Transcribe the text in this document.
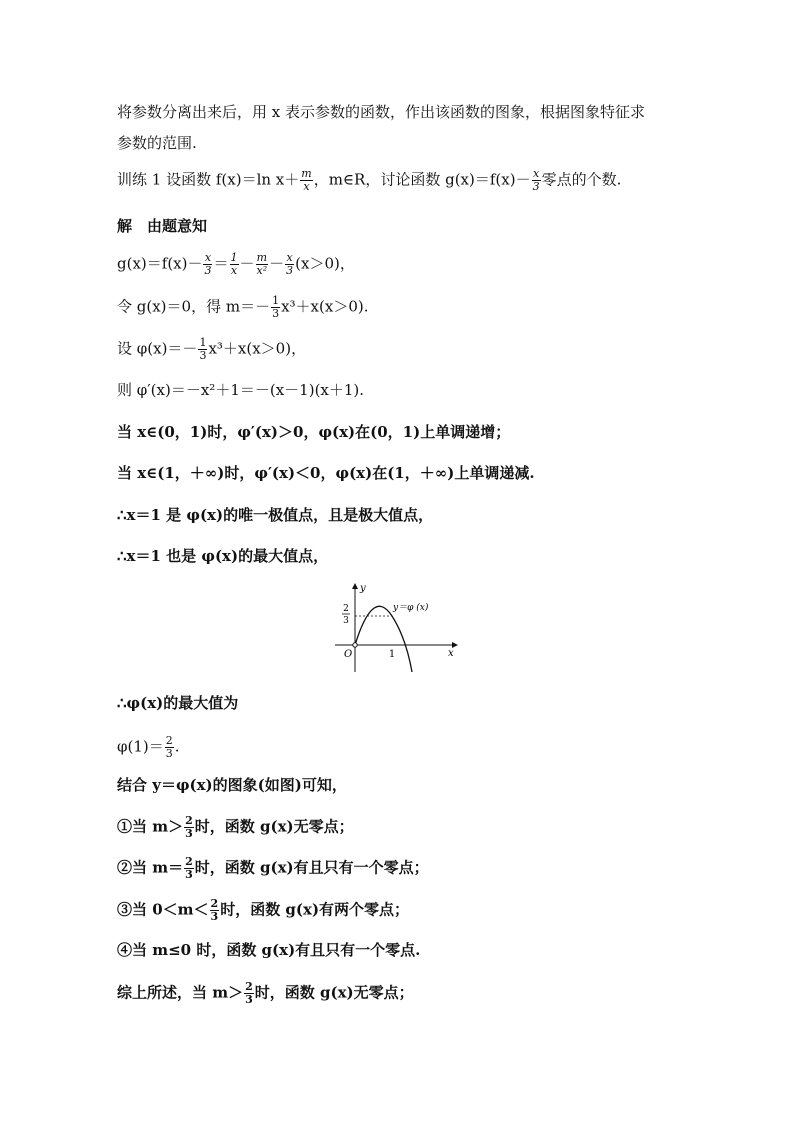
将参数分离出来后，用 x 表示参数的函数，作出该函数的图象，根据图象特征求
参数的范围.
训练 1 设函数 f(x)＝ln $x+ \frac{m}{x}$ ，m∈R，讨论函数 $g(x)=f(x)- \frac{x}{3}$ 零点的个数.
解　由题意知
$g(x)=f(x)- \frac{x}{3} = \frac{1}{x} - \frac{m}{\text{x²}} - \frac{x}{3} (x>0)$，
令 g(x)＝0，得 $m=- \frac{1}{3} x^3+x(x>0)$.
设 $\varphi(x)=- \frac{1}{3} x^3+x(x>0)$，
则 φ′(x)＝－x²＋1＝－(x－1)(x＋1).
当 x∈(0，1)时，φ′(x)＞0，φ(x)在(0，1)上单调递增；
当 x∈(1，＋∞)时，φ′(x)＜0，φ(x)在(1，＋∞)上单调递减.
∴x＝1 是 φ(x)的唯一极值点，且是极大值点，
∴x＝1 也是 φ(x)的最大值点，
y
x
O	1
2
3
y＝φ (x)
∴φ(x)的最大值为
$\varphi(1)= \frac{2}{3}$ .
结合 y＝φ(x)的图象(如图)可知，
①当 $m> \frac{2}{3}$ 时，函数 g(x)无零点；
②当 $m= \frac{2}{3}$ 时，函数 g(x)有且只有一个零点；
③当 $0<m< \frac{2}{3}$ 时，函数 g(x)有两个零点；
④当 m≤0 时，函数 g(x)有且只有一个零点.
综上所述，当 $m> \frac{2}{3}$ 时，函数 g(x)无零点；
